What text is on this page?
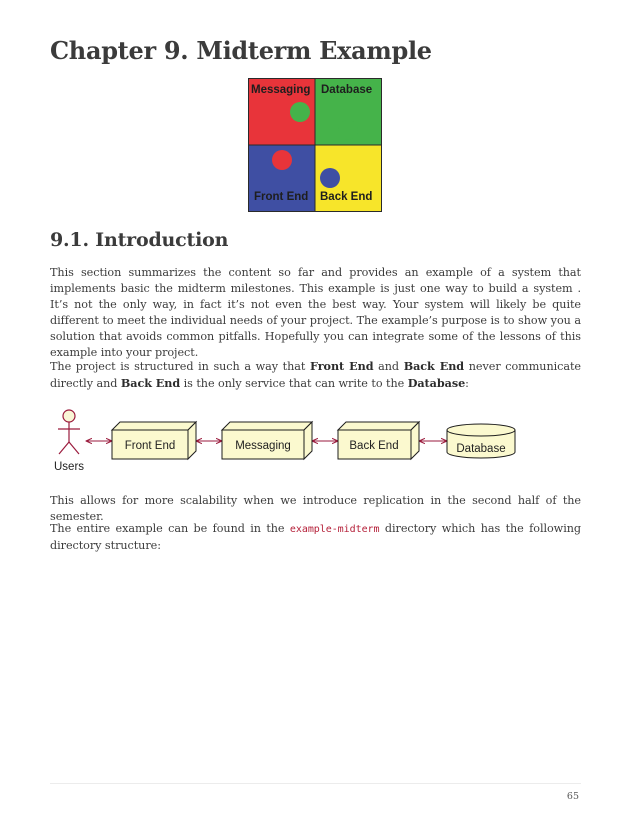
Chapter 9. Midterm Example
Messaging Database
Front End Back End
9.1. Introduction

This section summarizes the content so far and provides an example of a system that implements basic the midterm milestones. This example is just one way to build a system . It’s not the only way, in fact it’s not even the best way. Your system will likely be quite different to meet the individual needs of your project. The example’s purpose is to show you a solution that avoids common pitfalls. Hopefully you can integrate some of the lessons of this example into your project.

The project is structured in such a way that Front End and Back End never communicate directly and Back End is the only service that can write to the Database:

Users
Front End	Messaging	Back End	Database

This allows for more scalability when we introduce replication in the second half of the semester.

The entire example can be found in the example-midterm directory which has the following directory structure:

65
